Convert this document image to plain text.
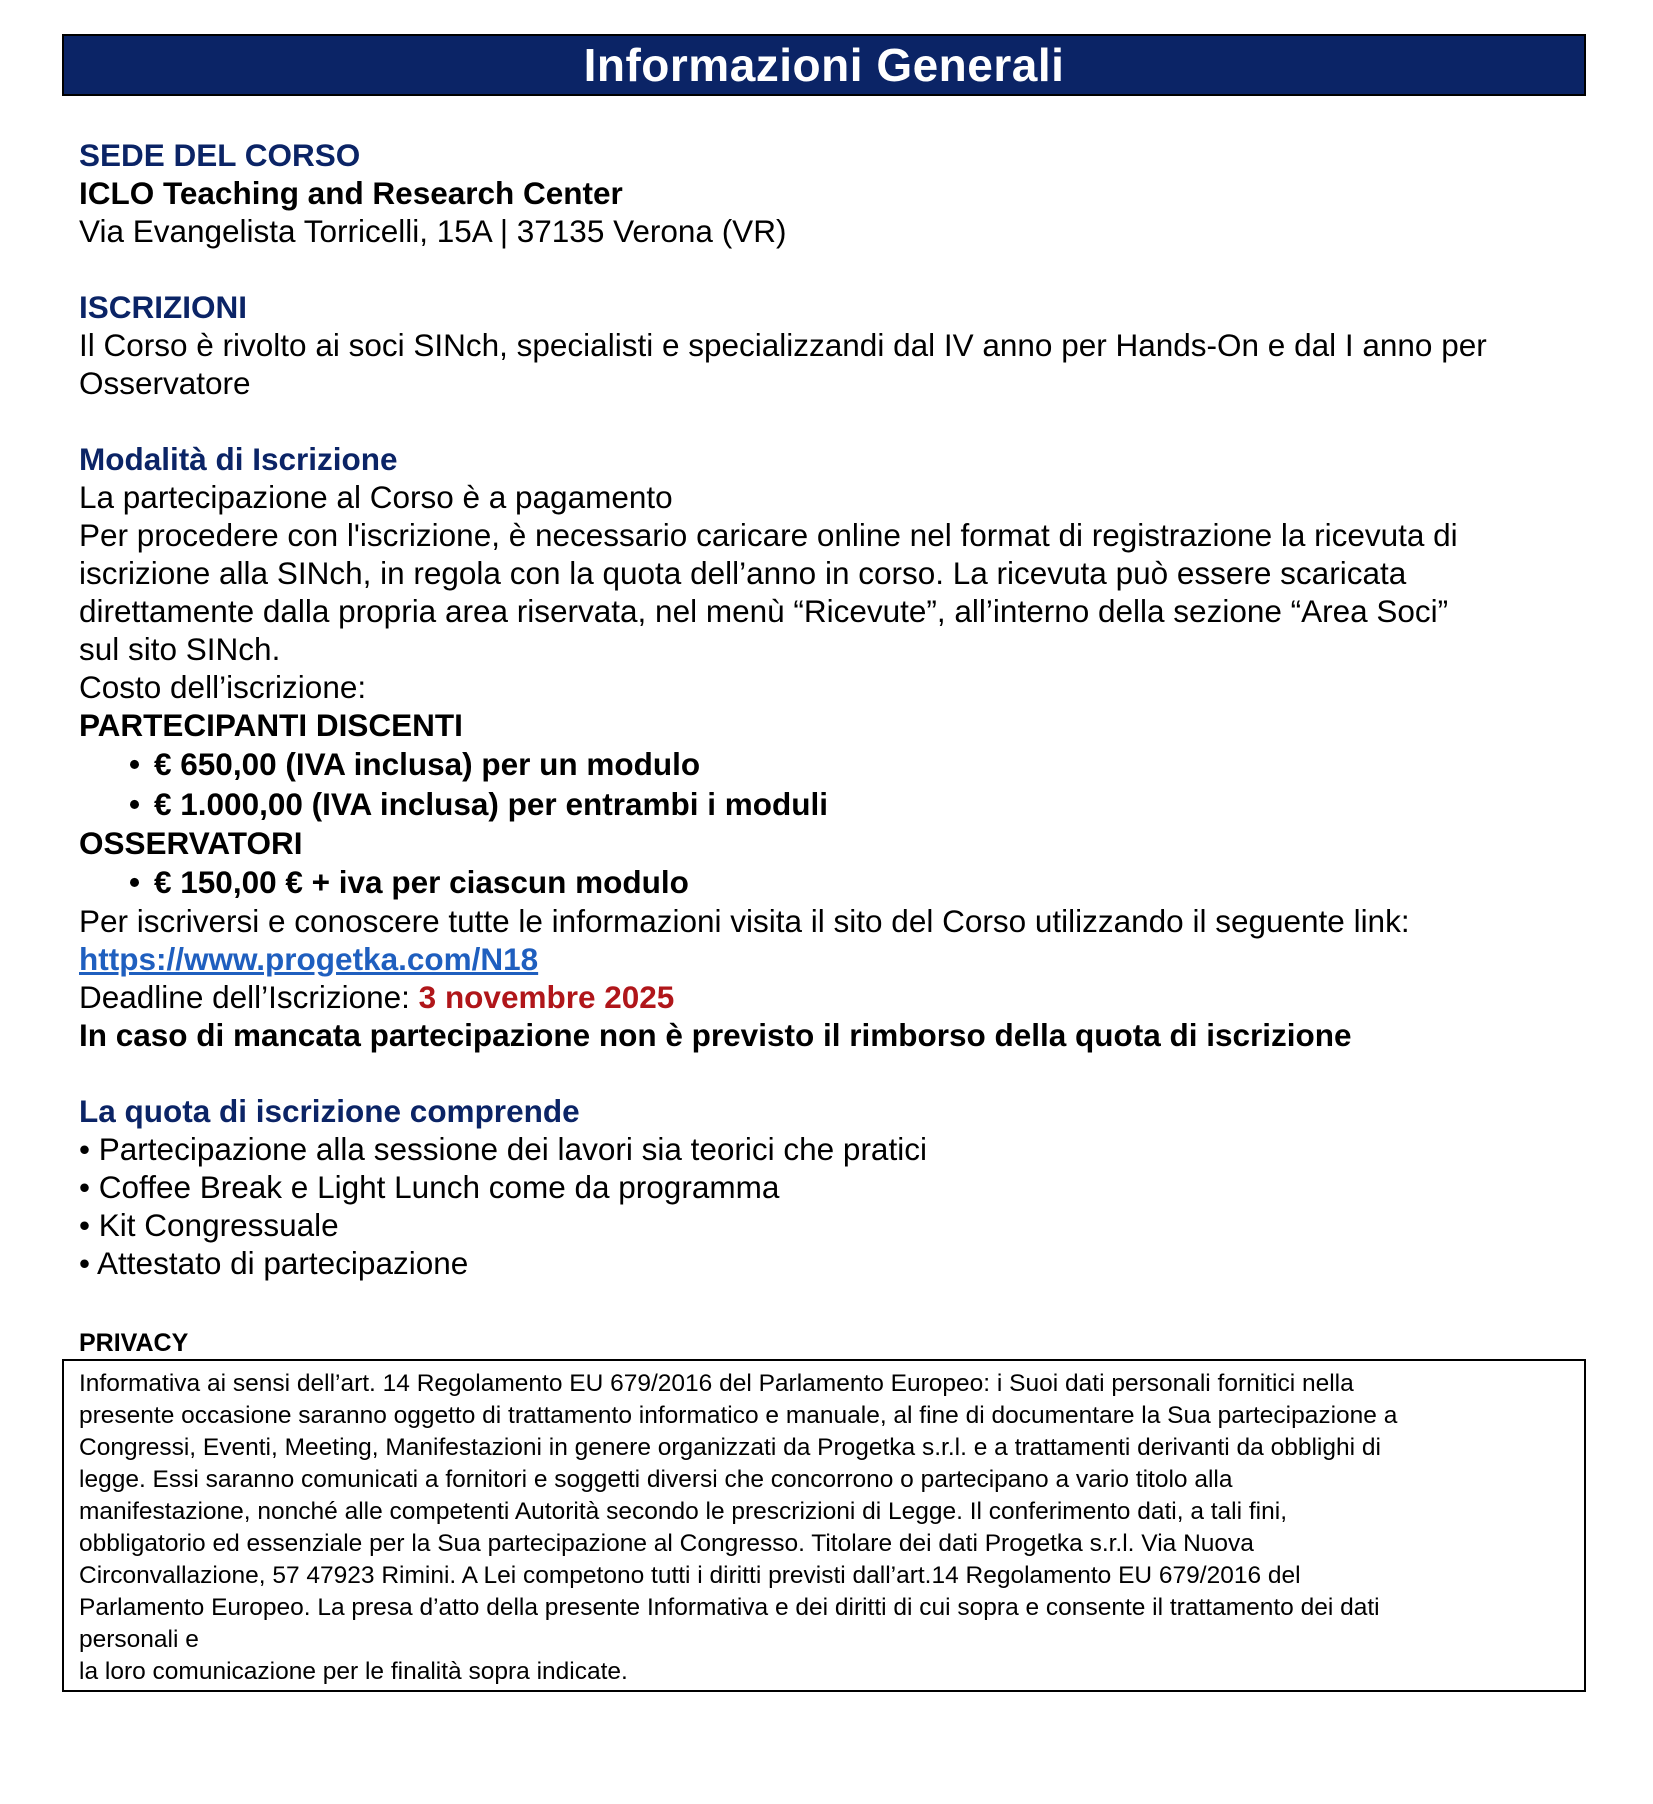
Informazioni Generali
SEDE DEL CORSO
ICLO Teaching and Research Center
Via Evangelista Torricelli, 15A | 37135 Verona (VR)
ISCRIZIONI
Il Corso è rivolto ai soci SINch, specialisti e specializzandi dal IV anno per Hands-On e dal I anno per
Osservatore
Modalità di Iscrizione
La partecipazione al Corso è a pagamento
Per procedere con l'iscrizione, è necessario caricare online nel format di registrazione la ricevuta di
iscrizione alla SINch, in regola con la quota dell’anno in corso. La ricevuta può essere scaricata
direttamente dalla propria area riservata, nel menù “Ricevute”, all’interno della sezione “Area Soci”
sul sito SINch.
Costo dell’iscrizione:
PARTECIPANTI DISCENTI
• € 650,00 (IVA inclusa) per un modulo
• € 1.000,00 (IVA inclusa) per entrambi i moduli
OSSERVATORI
• € 150,00 € + iva per ciascun modulo
Per iscriversi e conoscere tutte le informazioni visita il sito del Corso utilizzando il seguente link:
https://www.progetka.com/N18
Deadline dell’Iscrizione: 3 novembre 2025
In caso di mancata partecipazione non è previsto il rimborso della quota di iscrizione
La quota di iscrizione comprende
• Partecipazione alla sessione dei lavori sia teorici che pratici
• Coffee Break e Light Lunch come da programma
• Kit Congressuale
• Attestato di partecipazione
PRIVACY

Informativa ai sensi dell’art. 14 Regolamento EU 679/2016 del Parlamento Europeo: i Suoi dati personali fornitici nella

presente occasione saranno oggetto di trattamento informatico e manuale, al fine di documentare la Sua partecipazione a

Congressi, Eventi, Meeting, Manifestazioni in genere organizzati da Progetka s.r.l. e a trattamenti derivanti da obblighi di

legge. Essi saranno comunicati a fornitori e soggetti diversi che concorrono o partecipano a vario titolo alla

manifestazione, nonché alle competenti Autorità secondo le prescrizioni di Legge. Il conferimento dati, a tali fini,

obbligatorio ed essenziale per la Sua partecipazione al Congresso. Titolare dei dati Progetka s.r.l. Via Nuova

Circonvallazione, 57 47923 Rimini. A Lei competono tutti i diritti previsti dall’art.14 Regolamento EU 679/2016 del

Parlamento Europeo. La presa d’atto della presente Informativa e dei diritti di cui sopra e consente il trattamento dei dati

personali e

la loro comunicazione per le finalità sopra indicate.
